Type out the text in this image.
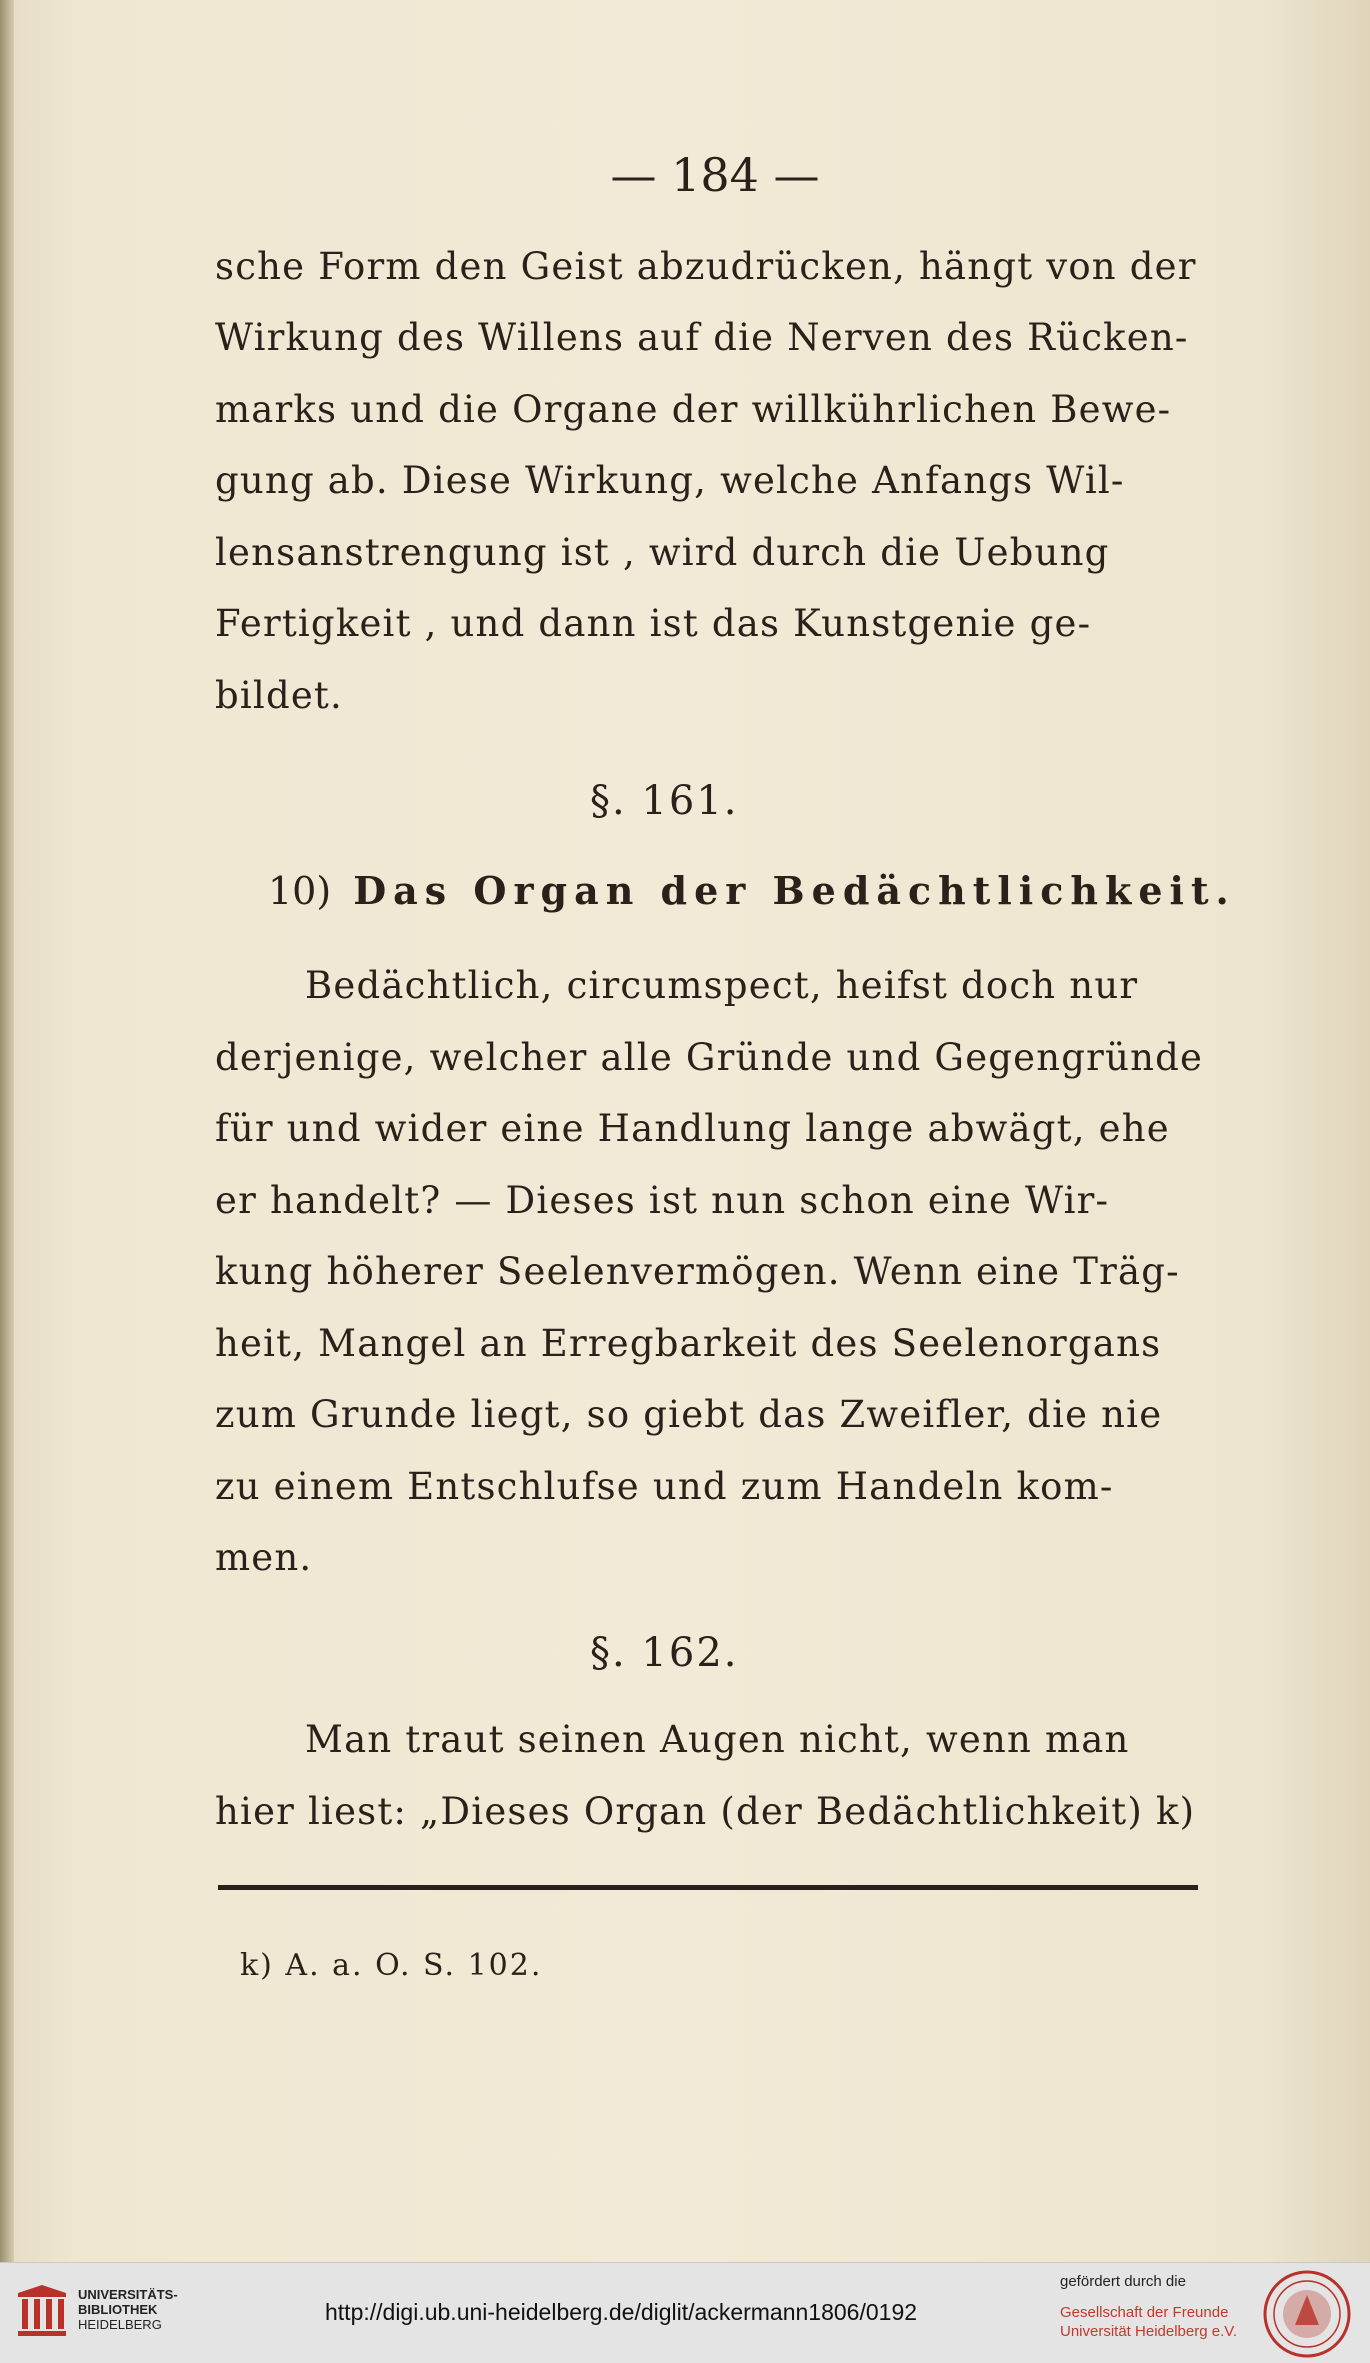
— 184 —
sche Form den Geist abzudrücken, hängt von der
Wirkung des Willens auf die Nerven des Rücken-
marks und die Organe der willkührlichen Bewe-
gung ab. Diese Wirkung, welche Anfangs Wil-
lensanstrengung ist , wird durch die Uebung
Fertigkeit , und dann ist das Kunstgenie ge-
bildet.
§. 161.
10) Das Organ der Bedächtlichkeit.
Bedächtlich, circumspect, heifst doch nur
derjenige, welcher alle Gründe und Gegengründe
für und wider eine Handlung lange abwägt, ehe
er handelt? — Dieses ist nun schon eine Wir-
kung höherer Seelenvermögen. Wenn eine Träg-
heit, Mangel an Erregbarkeit des Seelenorgans
zum Grunde liegt, so giebt das Zweifler, die nie
zu einem Entschlufse und zum Handeln kom-
men.
§. 162.
Man traut seinen Augen nicht, wenn man
hier liest: „Dieses Organ (der Bedächtlichkeit) k)
k) A. a. O. S. 102.
UNIVERSITÄTS-
BIBLIOTHEK
HEIDELBERG	http://digi.ub.uni-heidelberg.de/diglit/ackermann1806/0192
gefördert durch die
Gesellschaft der Freunde
Universität Heidelberg e.V.
